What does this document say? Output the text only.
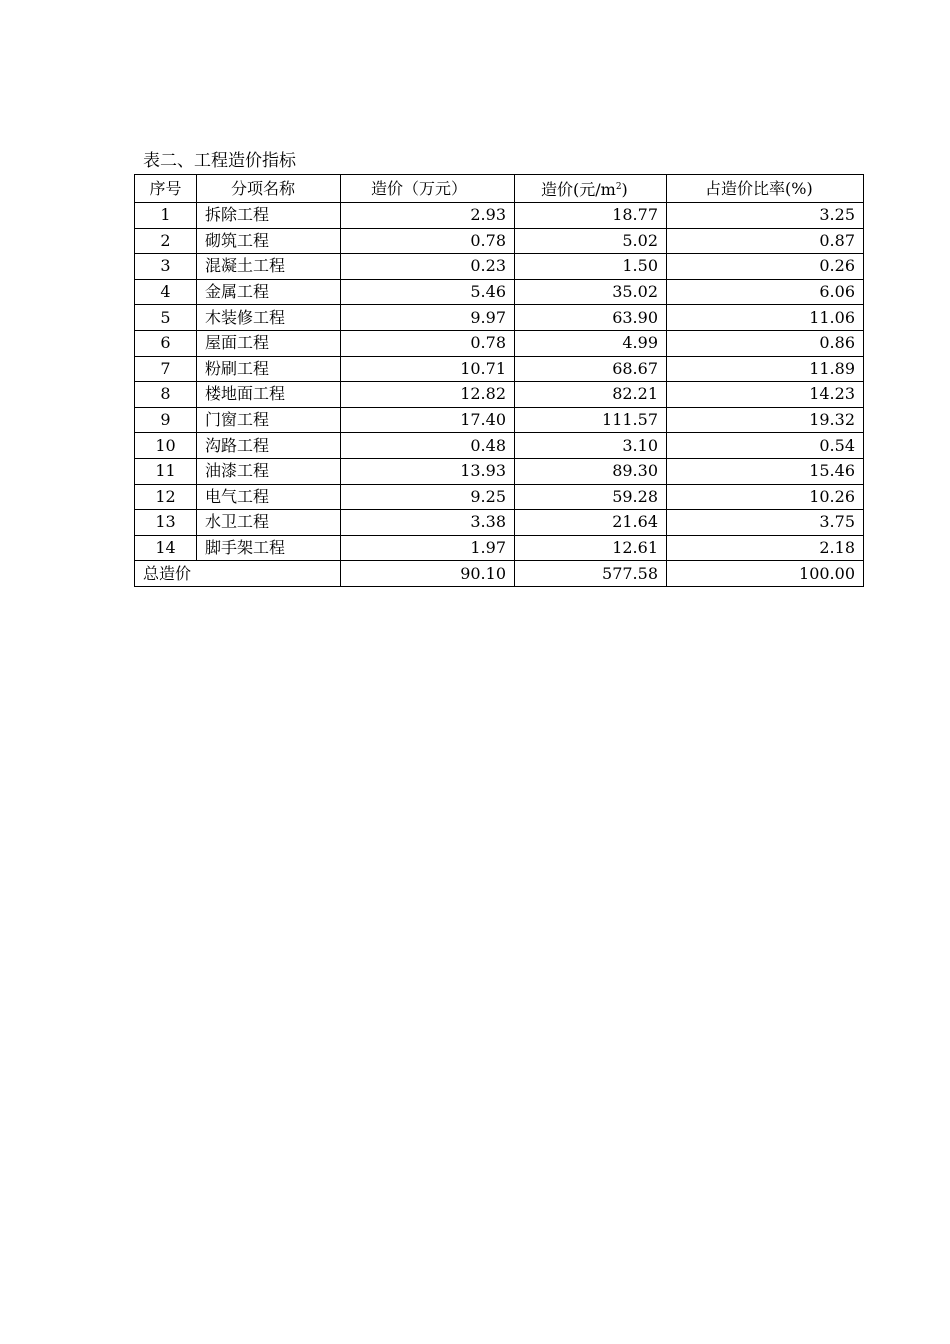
表二、工程造价指标
序号	分项名称	造价（万元）	造价(元$/m^2$)	占造价比率(%)
1	拆除工程	2.93	18.77	3.25
2	砌筑工程	0.78	5.02	0.87
3	混凝土工程	0.23	1.50	0.26
4	金属工程	5.46	35.02	6.06
5	木装修工程	9.97	63.90	11.06
6	屋面工程	0.78	4.99	0.86
7	粉刷工程	10.71	68.67	11.89
8	楼地面工程	12.82	82.21	14.23
9	门窗工程	17.40	111.57	19.32
10	沟路工程	0.48	3.10	0.54
11	油漆工程	13.93	89.30	15.46
12	电气工程	9.25	59.28	10.26
13	水卫工程	3.38	21.64	3.75
14	脚手架工程	1.97	12.61	2.18
总造价		90.10	577.58	100.00
